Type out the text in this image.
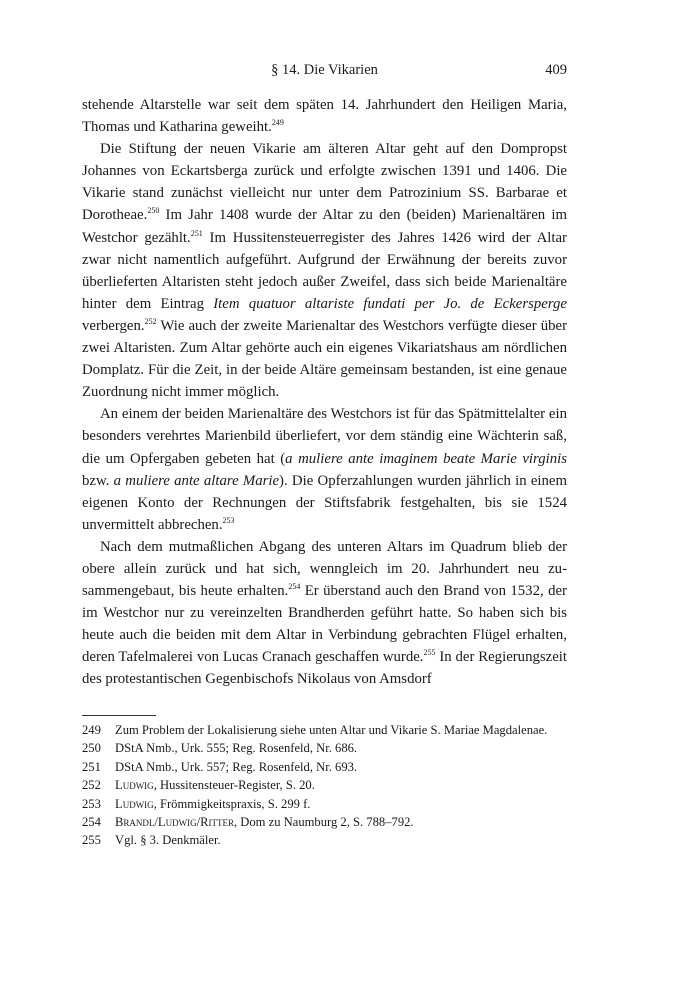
§ 14. Die Vikarien	409

stehende Altarstelle war seit dem späten 14. Jahrhundert den Heiligen Maria, Thomas und Katharina geweiht.$^{249}$

Die Stiftung der neuen Vikarie am älteren Altar geht auf den Dompropst Johannes von Eckartsberga zurück und erfolgte zwischen 1391 und 1406. Die Vikarie stand zunächst vielleicht nur unter dem Patrozinium SS. Barbarae et Dorotheae.$^{250}$ Im Jahr 1408 wurde der Altar zu den (beiden) Marienaltären im Westchor gezählt.$^{251}$ Im Hussitensteuerregister des Jahres 1426 wird der Altar zwar nicht namentlich aufgeführt. Aufgrund der Erwähnung der bereits zuvor überlieferten Altaristen steht jedoch außer Zweifel, dass sich beide Marienaltäre hinter dem Eintrag Item quatuor altariste fundati per Jo. de Eckersperge verbergen.$^{252}$ Wie auch der zweite Marienaltar des Westchors verfügte dieser über zwei Altaristen. Zum Altar gehörte auch ein eigenes Vikariatshaus am nördlichen Domplatz. Für die Zeit, in der beide Altäre gemeinsam bestanden, ist eine genaue Zuordnung nicht immer möglich.

An einem der beiden Marienaltäre des Westchors ist für das Spätmittelalter ein besonders verehrtes Marienbild überliefert, vor dem ständig eine Wächterin saß, die um Opfergaben gebeten hat (a muliere ante imaginem beate Marie virginis bzw. a muliere ante altare Marie). Die Opferzahlungen wurden jährlich in einem eigenen Konto der Rechnungen der Stiftsfabrik festgehalten, bis sie 1524 unvermittelt abbrechen.$^{253}$

Nach dem mutmaßlichen Abgang des unteren Altars im Quadrum blieb der obere allein zurück und hat sich, wenngleich im 20. Jahrhundert neu zusammengebaut, bis heute erhalten.$^{254}$ Er überstand auch den Brand von 1532, der im Westchor nur zu vereinzelten Brandherden geführt hatte. So haben sich bis heute auch die beiden mit dem Altar in Verbindung gebrachten Flügel erhalten, deren Tafelmalerei von Lucas Cranach geschaffen wurde.$^{255}$ In der Regierungszeit des protestantischen Gegenbischofs Nikolaus von Amsdorf

249	Zum Problem der Lokalisierung siehe unten Altar und Vikarie S. Mariae Magdalenae.
250	DStA Nmb., Urk. 555; Reg. Rosenfeld, Nr. 686.
251	DStA Nmb., Urk. 557; Reg. Rosenfeld, Nr. 693.
252	Ludwig, Hussitensteuer-Register, S. 20.
253	Ludwig, Frömmigkeitspraxis, S. 299 f.
254	Brandl/Ludwig/Ritter, Dom zu Naumburg 2, S. 788–792.
255	Vgl. § 3. Denkmäler.
